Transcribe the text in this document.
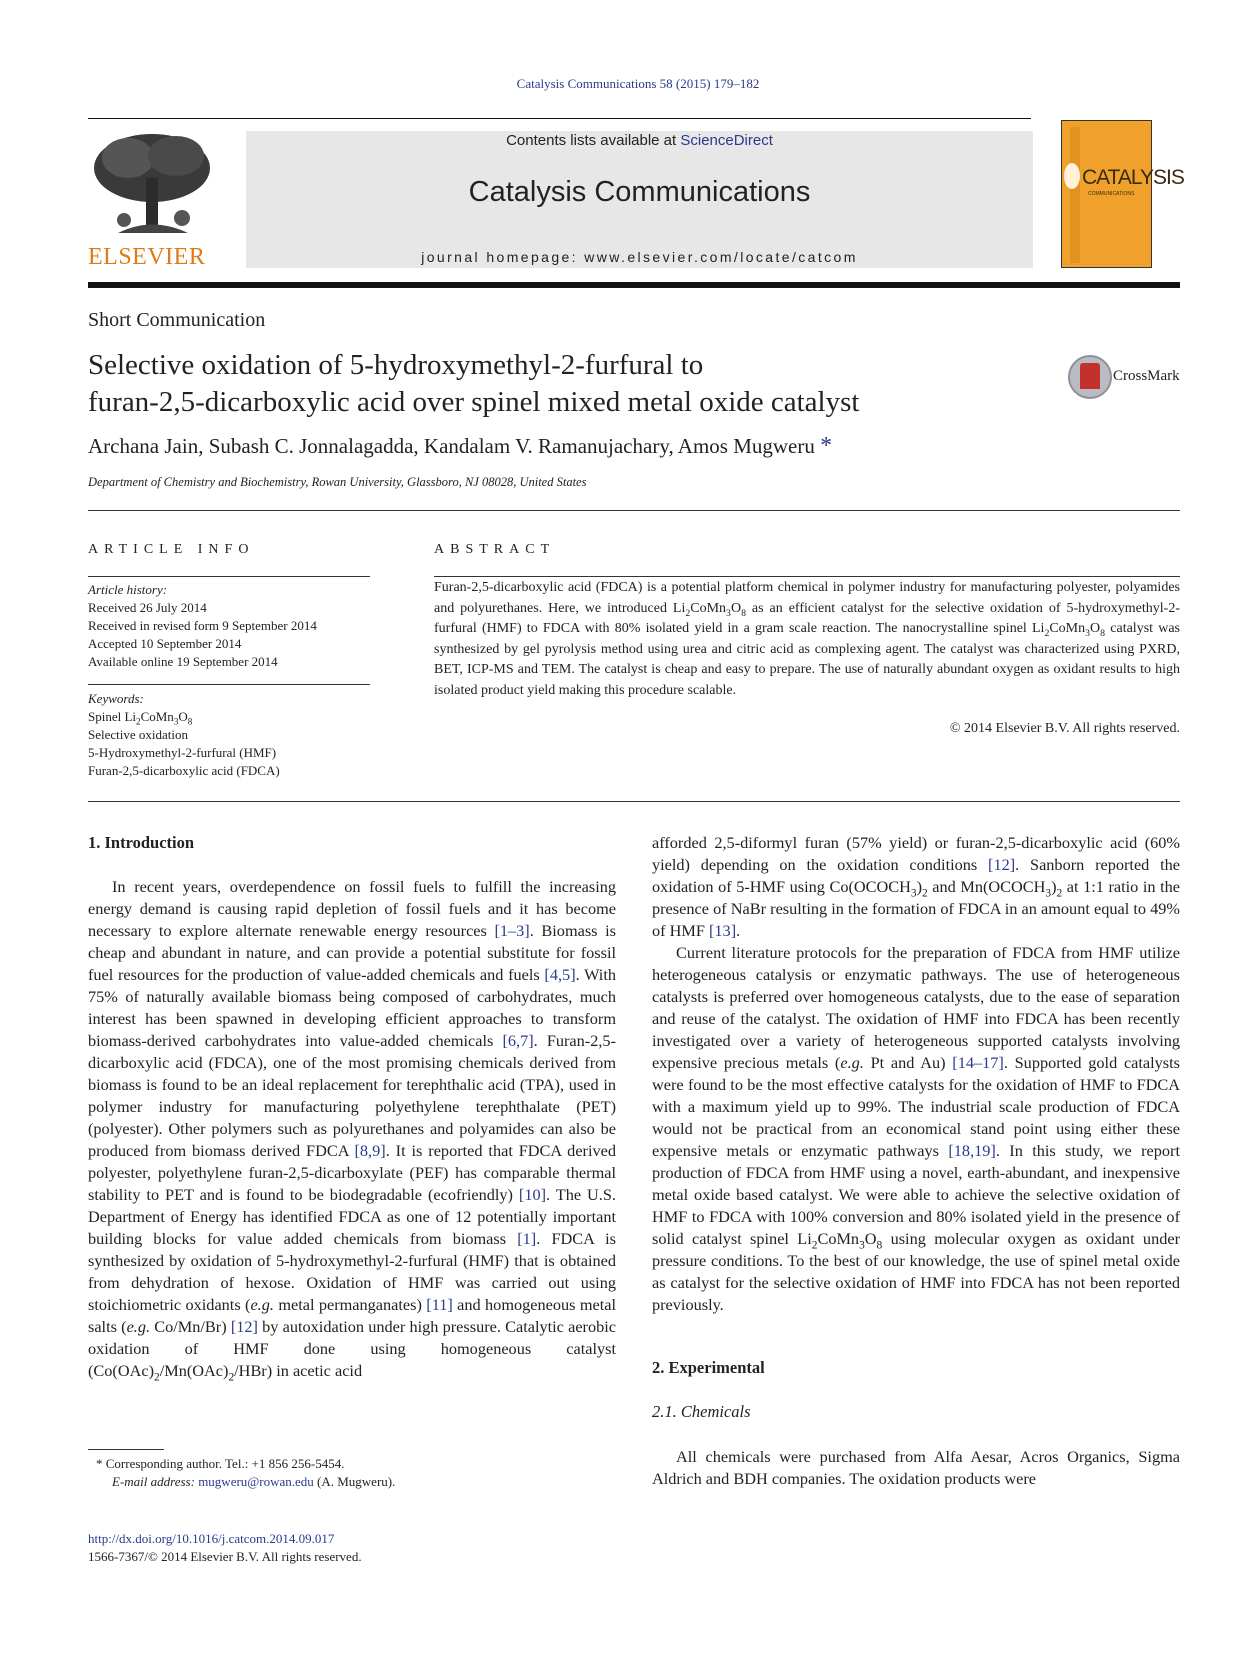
Catalysis Communications 58 (2015) 179–182
ELSEVIER
Contents lists available at ScienceDirect
Catalysis Communications
journal homepage: www.elsevier.com/locate/catcom
CATALYSIS
COMMUNICATIONS
Short Communication
Selective oxidation of 5-hydroxymethyl-2-furfural to
furan-2,5-dicarboxylic acid over spinel mixed metal oxide catalyst
CrossMark
Archana Jain, Subash C. Jonnalagadda, Kandalam V. Ramanujachary, Amos Mugweru *
Department of Chemistry and Biochemistry, Rowan University, Glassboro, NJ 08028, United States
ARTICLE INFO
Article history:
Received 26 July 2014
Received in revised form 9 September 2014
Accepted 10 September 2014
Available online 19 September 2014
Keywords:
Spinel $Li_2CoMn_3O_8$
Selective oxidation
5-Hydroxymethyl-2-furfural (HMF)
Furan-2,5-dicarboxylic acid (FDCA)
ABSTRACT
Furan-2,5-dicarboxylic acid (FDCA) is a potential platform chemical in polymer industry for manufacturing polyester, polyamides and polyurethanes. Here, we introduced $Li_2CoMn_3O_8$ as an efficient catalyst for the selective oxidation of 5-hydroxymethyl-2-furfural (HMF) to FDCA with 80% isolated yield in a gram scale reaction. The nanocrystalline spinel $Li_2CoMn_3O_8$ catalyst was synthesized by gel pyrolysis method using urea and citric acid as complexing agent. The catalyst was characterized using PXRD, BET, ICP-MS and TEM. The catalyst is cheap and easy to prepare. The use of naturally abundant oxygen as oxidant results to high isolated product yield making this procedure scalable.
© 2014 Elsevier B.V. All rights reserved.
1. Introduction

In recent years, overdependence on fossil fuels to fulfill the increasing energy demand is causing rapid depletion of fossil fuels and it has become necessary to explore alternate renewable energy resources [1–3]. Biomass is cheap and abundant in nature, and can provide a potential substitute for fossil fuel resources for the production of value-added chemicals and fuels [4,5]. With 75% of naturally available biomass being composed of carbohydrates, much interest has been spawned in developing efficient approaches to transform biomass-derived carbohydrates into value-added chemicals [6,7]. Furan-2,5-dicarboxylic acid (FDCA), one of the most promising chemicals derived from biomass is found to be an ideal replacement for terephthalic acid (TPA), used in polymer industry for manufacturing polyethylene terephthalate (PET) (polyester). Other polymers such as polyurethanes and polyamides can also be produced from biomass derived FDCA [8,9]. It is reported that FDCA derived polyester, polyethylene furan-2,5-dicarboxylate (PEF) has comparable thermal stability to PET and is found to be biodegradable (ecofriendly) [10]. The U.S. Department of Energy has identified FDCA as one of 12 potentially important building blocks for value added chemicals from biomass [1]. FDCA is synthesized by oxidation of 5-hydroxymethyl-2-furfural (HMF) that is obtained from dehydration of hexose. Oxidation of HMF was carried out using stoichiometric oxidants (e.g. metal permanganates) [11] and homogeneous metal salts (e.g. Co/Mn/Br) [12] by autoxidation under high pressure. Catalytic aerobic oxidation of HMF done using homogeneous catalyst $(Co(OAc)_2/Mn(OAc)_2/HBr)$ in acetic acid

* Corresponding author. Tel.: +1 856 256-5454.
E-mail address: mugweru@rowan.edu (A. Mugweru).
http://dx.doi.org/10.1016/j.catcom.2014.09.017
1566-7367/© 2014 Elsevier B.V. All rights reserved.

afforded 2,5-diformyl furan (57% yield) or furan-2,5-dicarboxylic acid (60% yield) depending on the oxidation conditions [12]. Sanborn reported the oxidation of 5-HMF using $Co(OCOCH_3)_2$ and $Mn(OCOCH_3)_2$ at 1:1 ratio in the presence of NaBr resulting in the formation of FDCA in an amount equal to 49% of HMF [13].

Current literature protocols for the preparation of FDCA from HMF utilize heterogeneous catalysis or enzymatic pathways. The use of heterogeneous catalysts is preferred over homogeneous catalysts, due to the ease of separation and reuse of the catalyst. The oxidation of HMF into FDCA has been recently investigated over a variety of heterogeneous supported catalysts involving expensive precious metals (e.g. Pt and Au) [14–17]. Supported gold catalysts were found to be the most effective catalysts for the oxidation of HMF to FDCA with a maximum yield up to 99%. The industrial scale production of FDCA would not be practical from an economical stand point using either these expensive metals or enzymatic pathways [18,19]. In this study, we report production of FDCA from HMF using a novel, earth-abundant, and inexpensive metal oxide based catalyst. We were able to achieve the selective oxidation of HMF to FDCA with 100% conversion and 80% isolated yield in the presence of solid catalyst spinel $Li_2CoMn_3O_8$ using molecular oxygen as oxidant under pressure conditions. To the best of our knowledge, the use of spinel metal oxide as catalyst for the selective oxidation of HMF into FDCA has not been reported previously.

2. Experimental
2.1. Chemicals

All chemicals were purchased from Alfa Aesar, Acros Organics, Sigma Aldrich and BDH companies. The oxidation products were
